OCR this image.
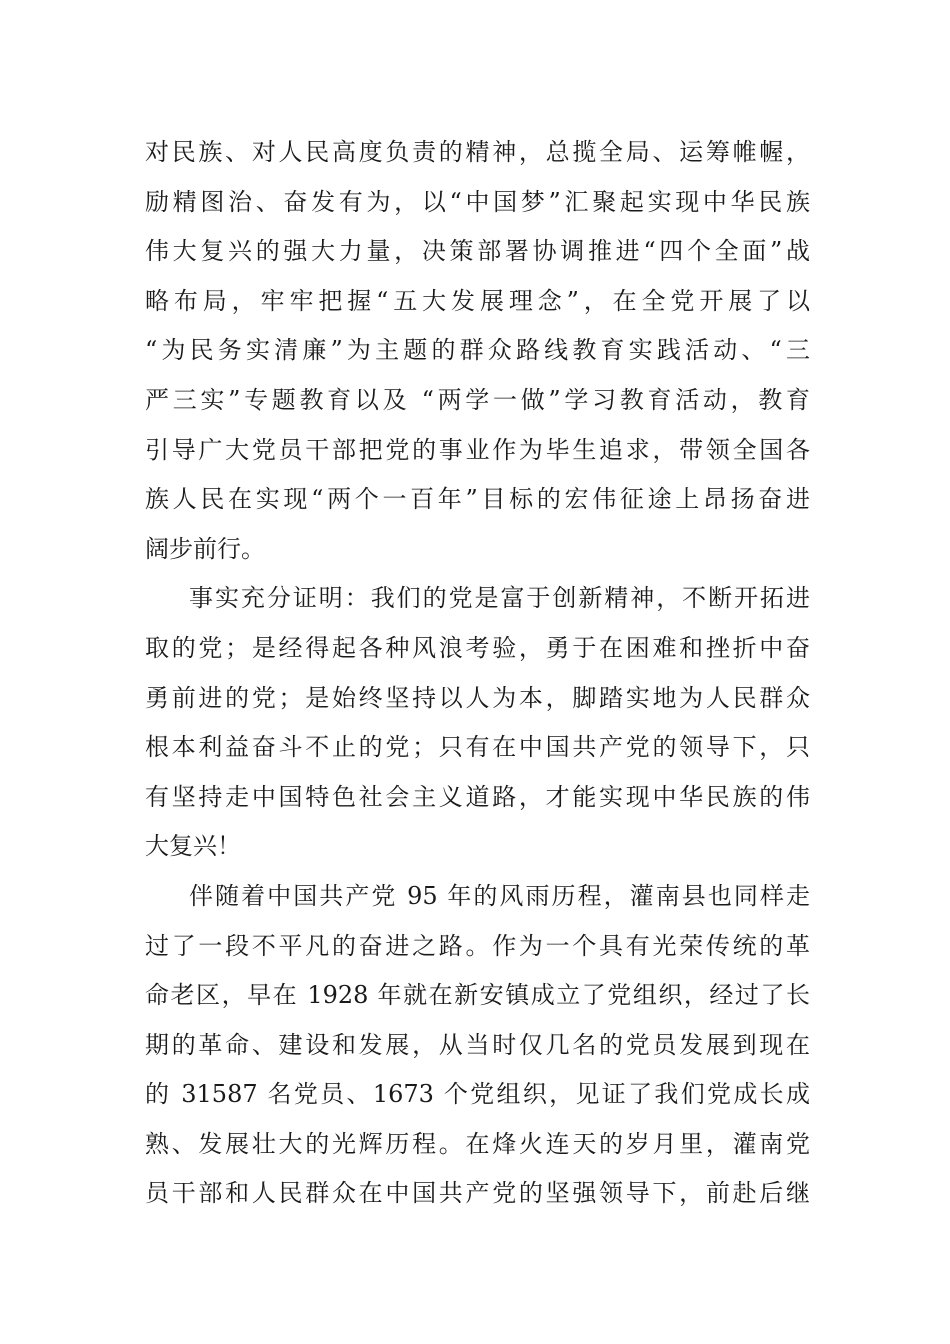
对民族、对人民高度负责的精神，总揽全局、运筹帷幄，
励精图治、奋发有为，以“中国梦”汇聚起实现中华民族
伟大复兴的强大力量，决策部署协调推进“四个全面”战
略布局，牢牢把握“五大发展理念”，在全党开展了以
“为民务实清廉”为主题的群众路线教育实践活动、“三
严三实”专题教育以及 “两学一做”学习教育活动，教育
引导广大党员干部把党的事业作为毕生追求，带领全国各
族人民在实现“两个一百年”目标的宏伟征途上昂扬奋进
阔步前行。
事实充分证明：我们的党是富于创新精神，不断开拓进
取的党；是经得起各种风浪考验，勇于在困难和挫折中奋
勇前进的党；是始终坚持以人为本，脚踏实地为人民群众
根本利益奋斗不止的党；只有在中国共产党的领导下，只
有坚持走中国特色社会主义道路，才能实现中华民族的伟
大复兴！
伴随着中国共产党 95 年的风雨历程，灌南县也同样走
过了一段不平凡的奋进之路。作为一个具有光荣传统的革
命老区，早在 1928 年就在新安镇成立了党组织，经过了长
期的革命、建设和发展，从当时仅几名的党员发展到现在
的 31587 名党员、1673 个党组织，见证了我们党成长成
熟、发展壮大的光辉历程。在烽火连天的岁月里，灌南党
员干部和人民群众在中国共产党的坚强领导下，前赴后继
